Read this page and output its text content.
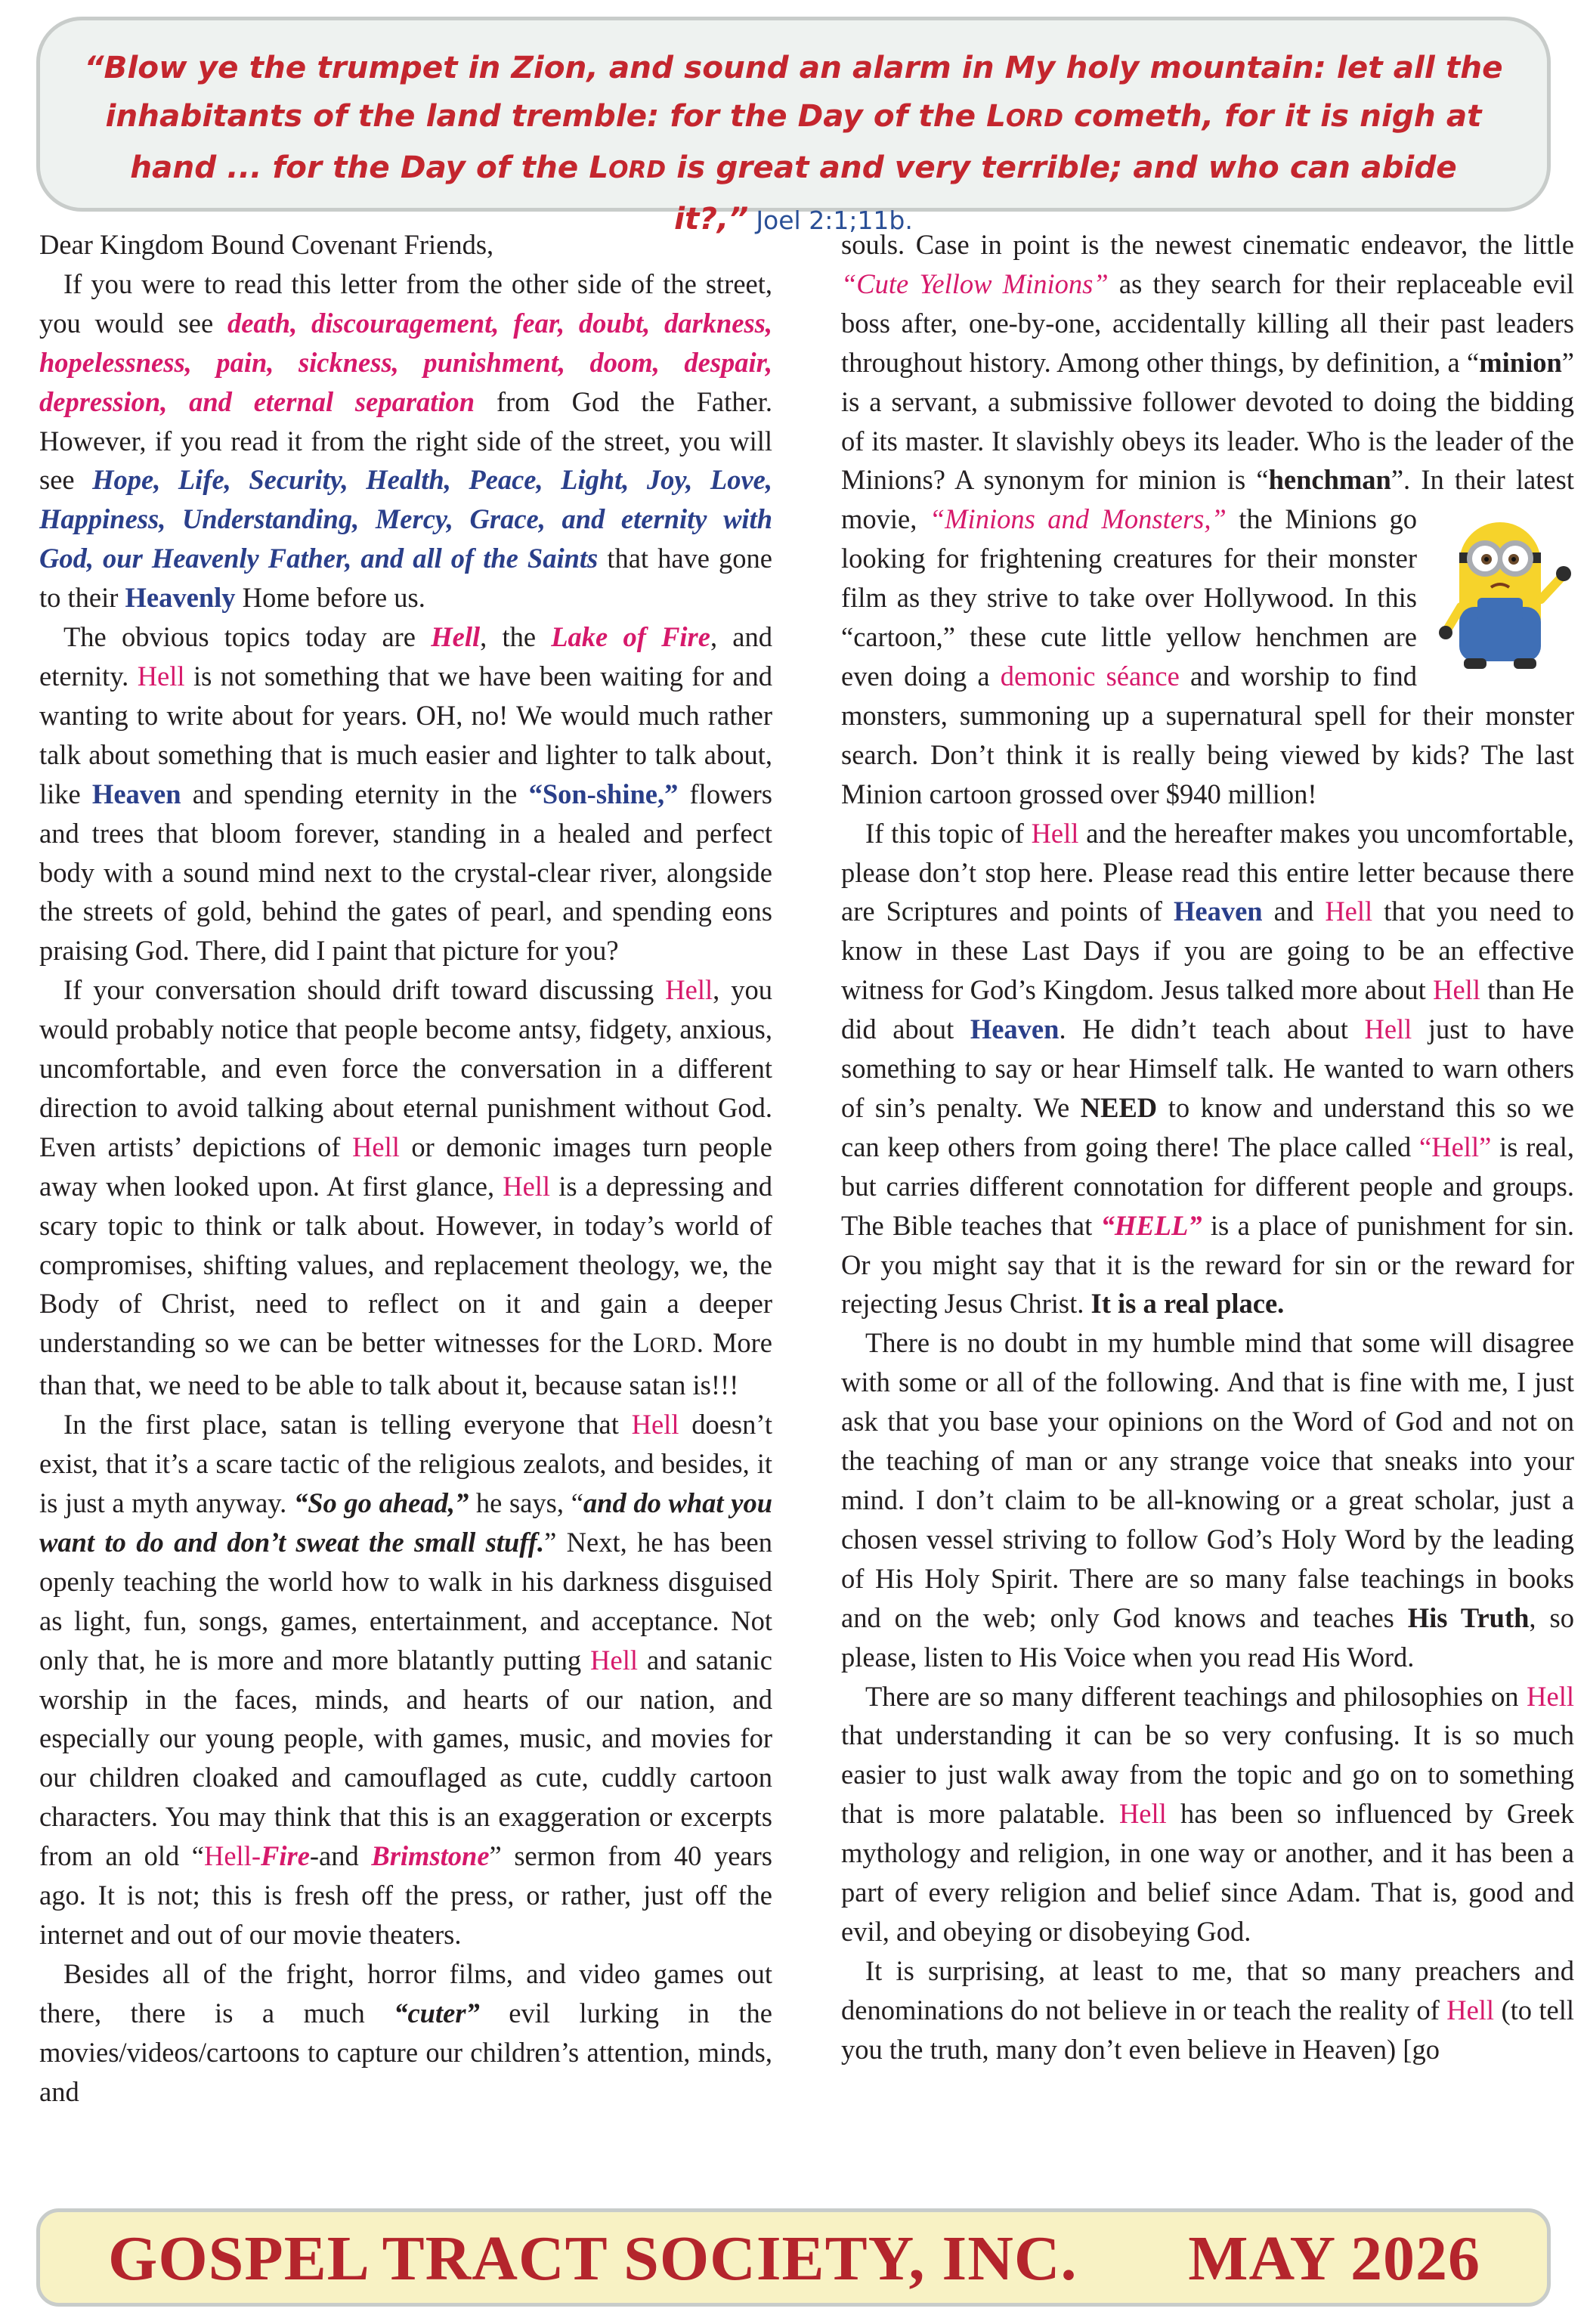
“Blow ye the trumpet in Zion, and sound an alarm in My holy mountain: let all the inhabitants of the land tremble: for the Day of the LORD cometh, for it is nigh at hand ... for the Day of the LORD is great and very terrible; and who can abide it?,” Joel 2:1;11b.

Dear Kingdom Bound Covenant Friends,

If you were to read this letter from the other side of the street, you would see death, discouragement, fear, doubt, darkness, hopelessness, pain, sickness, punishment, doom, despair, depression, and eternal separation from God the Father. However, if you read it from the right side of the street, you will see Hope, Life, Security, Health, Peace, Light, Joy, Love, Happiness, Understanding, Mercy, Grace, and eternity with God, our Heavenly Father, and all of the Saints that have gone to their Heavenly Home before us.

The obvious topics today are Hell, the Lake of Fire, and eternity. Hell is not something that we have been waiting for and wanting to write about for years. OH, no! We would much rather talk about something that is much easier and lighter to talk about, like Heaven and spending eternity in the “Son-shine,” flowers and trees that bloom forever, standing in a healed and perfect body with a sound mind next to the crystal-clear river, alongside the streets of gold, behind the gates of pearl, and spending eons praising God. There, did I paint that picture for you?

If your conversation should drift toward discussing Hell, you would probably notice that people become antsy, fidgety, anxious, uncomfortable, and even force the conversation in a different direction to avoid talking about eternal punishment without God. Even artists’ depictions of Hell or demonic images turn people away when looked upon. At first glance, Hell is a depressing and scary topic to think or talk about. However, in today’s world of compromises, shifting values, and replacement theology, we, the Body of Christ, need to reflect on it and gain a deeper understanding so we can be better witnesses for the LORD. More than that, we need to be able to talk about it, because satan is!!!

In the first place, satan is telling everyone that Hell doesn’t exist, that it’s a scare tactic of the religious zealots, and besides, it is just a myth anyway. “So go ahead,” he says, “and do what you want to do and don’t sweat the small stuff.” Next, he has been openly teaching the world how to walk in his darkness disguised as light, fun, songs, games, entertainment, and acceptance. Not only that, he is more and more blatantly putting Hell and satanic worship in the faces, minds, and hearts of our nation, and especially our young people, with games, music, and movies for our children cloaked and camouflaged as cute, cuddly cartoon characters. You may think that this is an exaggeration or excerpts from an old “Hell-Fire-and Brimstone” sermon from 40 years ago. It is not; this is fresh off the press, or rather, just off the internet and out of our movie theaters.

Besides all of the fright, horror films, and video games out there, there is a much “cuter” evil lurking in the movies/videos/cartoons to capture our children’s attention, minds, and

souls. Case in point is the newest cinematic endeavor, the little “Cute Yellow Minions” as they search for their replaceable evil boss after, one-by-one, accidentally killing all their past leaders throughout history. Among other things, by definition, a “minion” is a servant, a submissive follower devoted to doing the bidding of its master. It slavishly obeys its leader. Who is the leader of the Minions? A synonym for minion is “henchman”. In their latest movie, “Minions and Monsters,”
the Minions go looking for frightening creatures for their monster film as they strive to take over Hollywood. In this “cartoon,” these cute little yellow henchmen are even doing a demonic séance and worship to find monsters, summoning up a supernatural spell for their monster search. Don’t think it is really being viewed by kids? The last Minion cartoon grossed over $940 million!

If this topic of Hell and the hereafter makes you uncomfortable, please don’t stop here. Please read this entire letter because there are Scriptures and points of Heaven and Hell that you need to know in these Last Days if you are going to be an effective witness for God’s Kingdom. Jesus talked more about Hell than He did about Heaven. He didn’t teach about Hell just to have something to say or hear Himself talk. He wanted to warn others of sin’s penalty. We NEED to know and understand this so we can keep others from going there! The place called “Hell” is real, but carries different connotation for different people and groups. The Bible teaches that “HELL” is a place of punishment for sin. Or you might say that it is the reward for sin or the reward for rejecting Jesus Christ. It is a real place.

There is no doubt in my humble mind that some will disagree with some or all of the following. And that is fine with me, I just ask that you base your opinions on the Word of God and not on the teaching of man or any strange voice that sneaks into your mind. I don’t claim to be all-knowing or a great scholar, just a chosen vessel striving to follow God’s Holy Word by the leading of His Holy Spirit. There are so many false teachings in books and on the web; only God knows and teaches His Truth, so please, listen to His Voice when you read His Word.

There are so many different teachings and philosophies on Hell that understanding it can be so very confusing. It is so much easier to just walk away from the topic and go on to something that is more palatable. Hell has been so influenced by Greek mythology and religion, in one way or another, and it has been a part of every religion and belief since Adam. That is, good and evil, and obeying or disobeying God.

It is surprising, at least to me, that so many preachers and denominations do not believe in or teach the reality of Hell (to tell you the truth, many don’t even believe in Heaven) [go

GOSPEL TRACT SOCIETY, INC. MAY 2026
